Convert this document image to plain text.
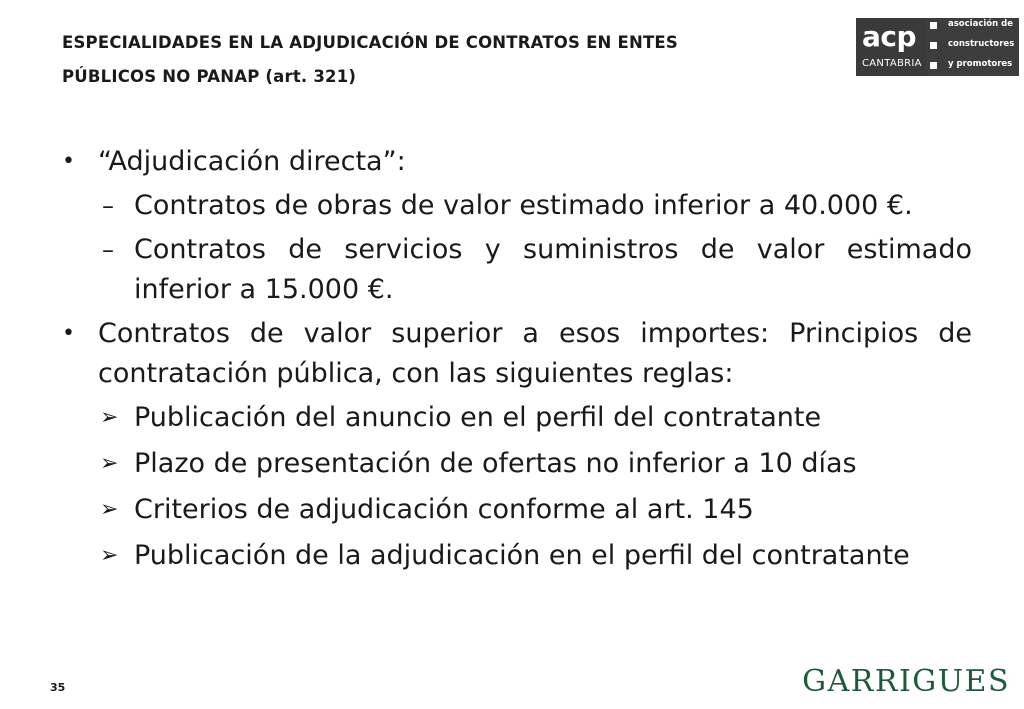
ESPECIALIDADES EN LA ADJUDICACIÓN DE CONTRATOS EN ENTES
PÚBLICOS NO PANAP (art. 321)
acp
CANTABRIA
asociación de
constructores
y promotores
• “Adjudicación directa”:
– Contratos de obras de valor estimado inferior a 40.000 €.
– Contratos de servicios y suministros de valor estimado inferior a 15.000 €.
• Contratos de valor superior a esos importes: Principios de contratación pública, con las siguientes reglas:
➢ Publicación del anuncio en el perfil del contratante
➢ Plazo de presentación de ofertas no inferior a 10 días
➢ Criterios de adjudicación conforme al art. 145
➢ Publicación de la adjudicación en el perfil del contratante
35	GARRIGUES
